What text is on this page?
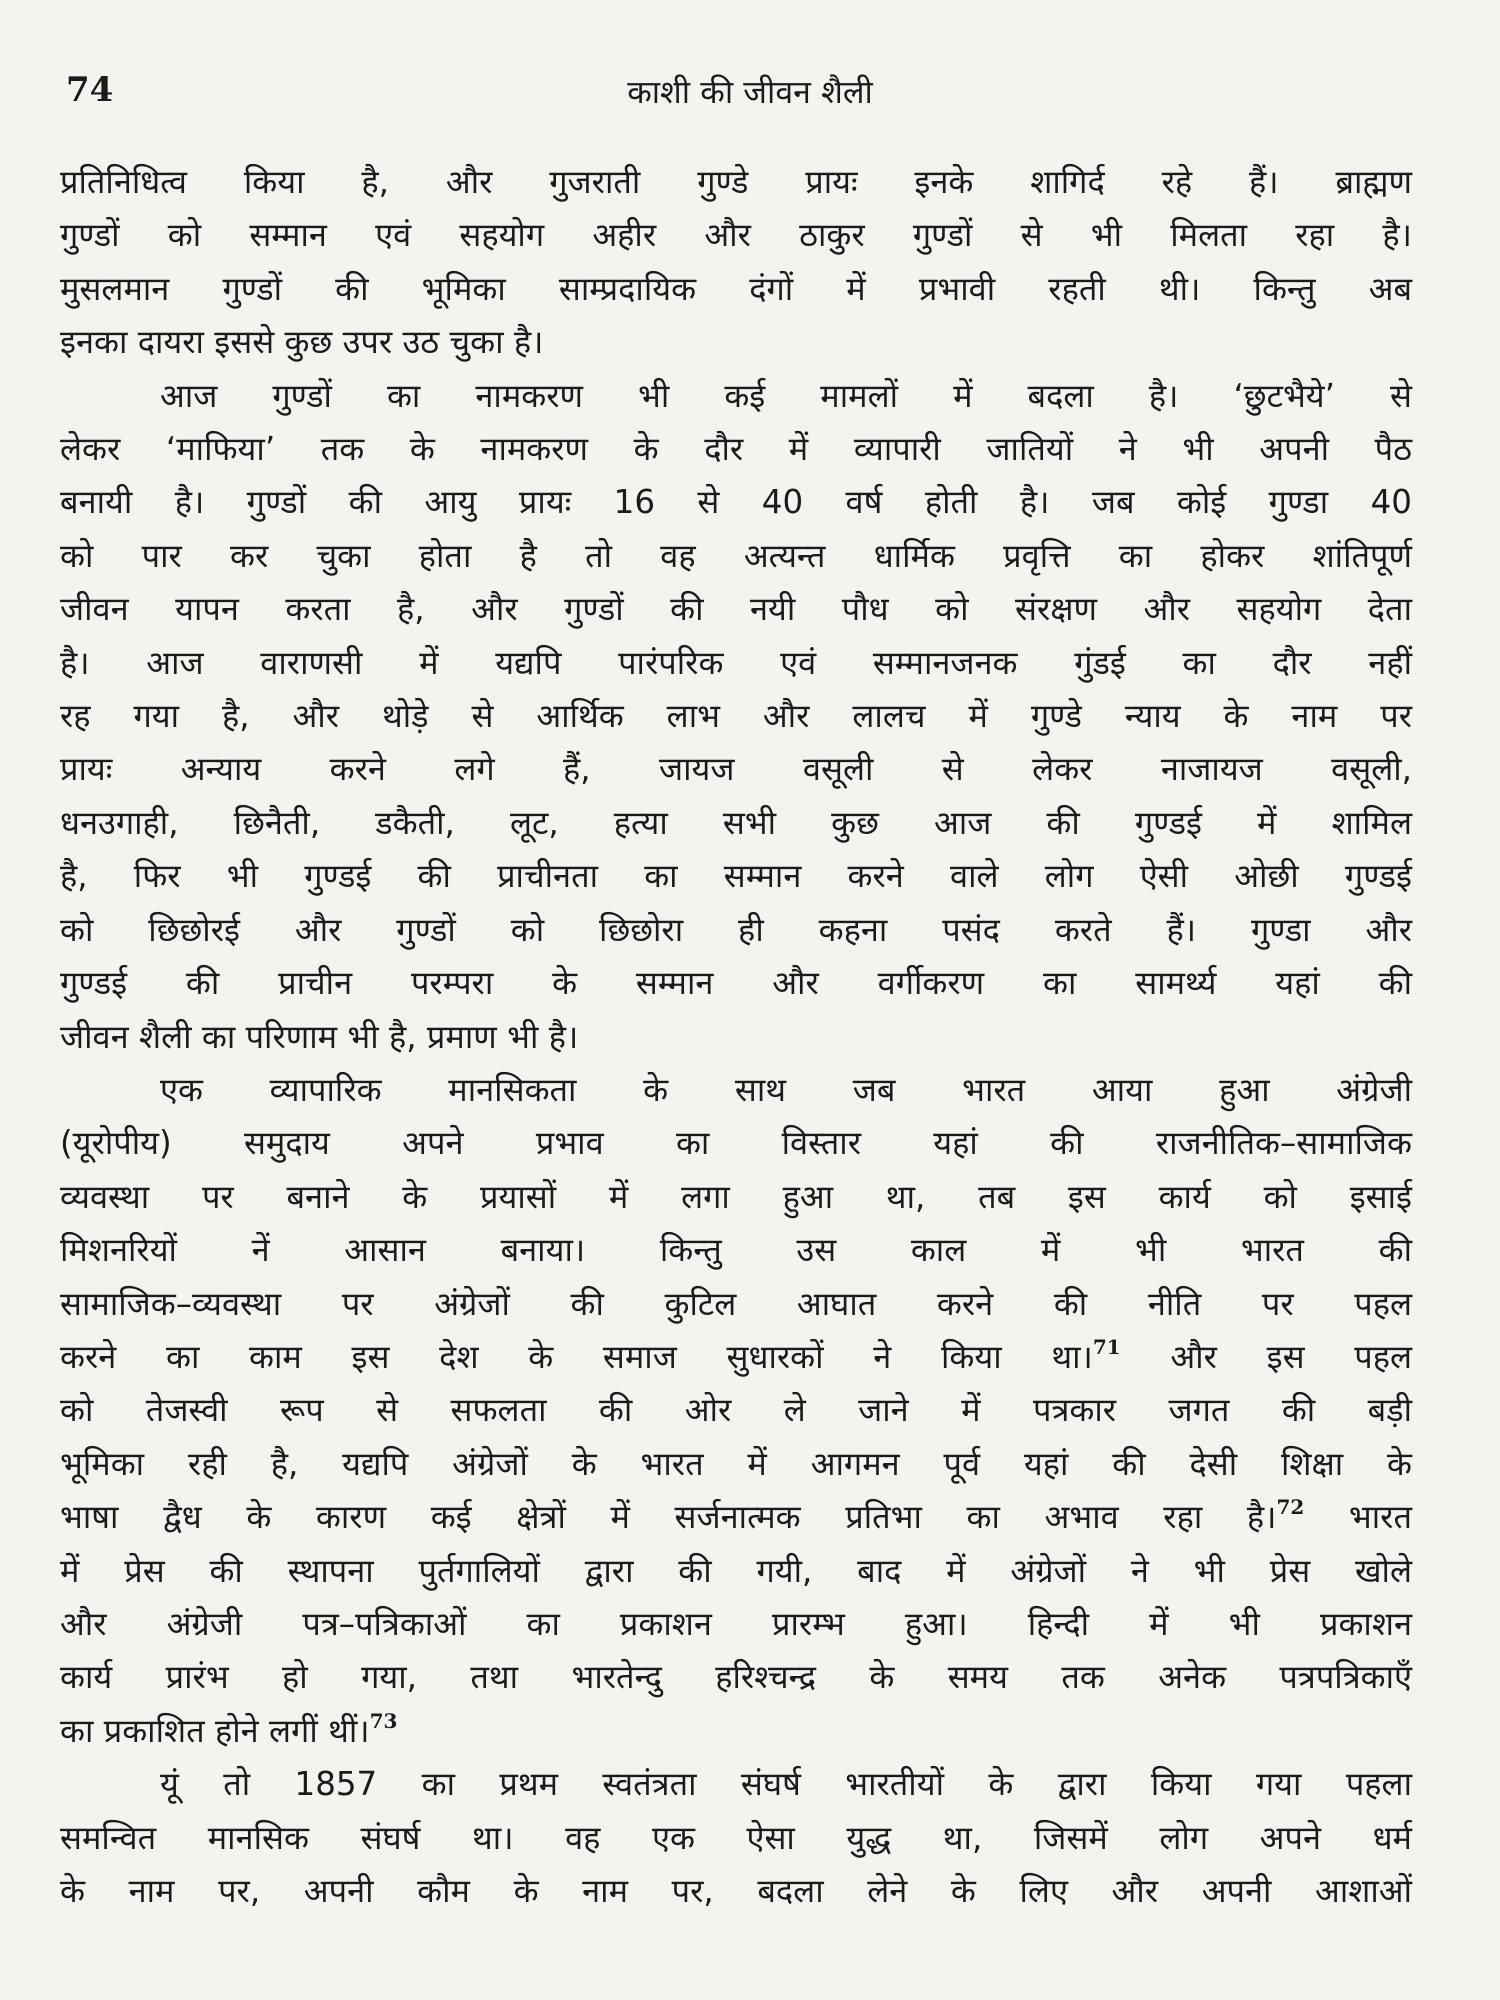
74	काशी की जीवन शैली
प्रतिनिधित्व किया है, और गुजराती गुण्डे प्रायः इनके शागिर्द रहे हैं। ब्राह्मण
गुण्डों को सम्मान एवं सहयोग अहीर और ठाकुर गुण्डों से भी मिलता रहा है।
मुसलमान गुण्डों की भूमिका साम्प्रदायिक दंगों में प्रभावी रहती थी। किन्तु अब
इनका दायरा इससे कुछ उपर उठ चुका है।
आज गुण्डों का नामकरण भी कई मामलों में बदला है। ‘छुटभैये’ से
लेकर ‘माफिया’ तक के नामकरण के दौर में व्यापारी जातियों ने भी अपनी पैठ
बनायी है। गुण्डों की आयु प्रायः 16 से 40 वर्ष होती है। जब कोई गुण्डा 40
को पार कर चुका होता है तो वह अत्यन्त धार्मिक प्रवृत्ति का होकर शांतिपूर्ण
जीवन यापन करता है, और गुण्डों की नयी पौध को संरक्षण और सहयोग देता
है। आज वाराणसी में यद्यपि पारंपरिक एवं सम्मानजनक गुंडई का दौर नहीं
रह गया है, और थोड़े से आर्थिक लाभ और लालच में गुण्डे न्याय के नाम पर
प्रायः अन्याय करने लगे हैं, जायज वसूली से लेकर नाजायज वसूली,
धनउगाही, छिनैती, डकैती, लूट, हत्या सभी कुछ आज की गुण्डई में शामिल
है, फिर भी गुण्डई की प्राचीनता का सम्मान करने वाले लोग ऐसी ओछी गुण्डई
को छिछोरई और गुण्डों को छिछोरा ही कहना पसंद करते हैं। गुण्डा और
गुण्डई की प्राचीन परम्परा के सम्मान और वर्गीकरण का सामर्थ्य यहां की
जीवन शैली का परिणाम भी है, प्रमाण भी है।
एक व्यापारिक मानसिकता के साथ जब भारत आया हुआ अंग्रेजी
(यूरोपीय) समुदाय अपने प्रभाव का विस्तार यहां की राजनीतिक–सामाजिक
व्यवस्था पर बनाने के प्रयासों में लगा हुआ था, तब इस कार्य को इसाई
मिशनरियों नें आसान बनाया। किन्तु उस काल में भी भारत की
सामाजिक–व्यवस्था पर अंग्रेजों की कुटिल आघात करने की नीति पर पहल
करने का काम इस देश के समाज सुधारकों ने किया था।$^{71}$ और इस पहल
को तेजस्वी रूप से सफलता की ओर ले जाने में पत्रकार जगत की बड़ी
भूमिका रही है, यद्यपि अंग्रेजों के भारत में आगमन पूर्व यहां की देसी शिक्षा के
भाषा द्वैध के कारण कई क्षेत्रों में सर्जनात्मक प्रतिभा का अभाव रहा है।$^{72}$ भारत
में प्रेस की स्थापना पुर्तगालियों द्वारा की गयी, बाद में अंग्रेजों ने भी प्रेस खोले
और अंग्रेजी पत्र–पत्रिकाओं का प्रकाशन प्रारम्भ हुआ। हिन्दी में भी प्रकाशन
कार्य प्रारंभ हो गया, तथा भारतेन्दु हरिश्चन्द्र के समय तक अनेक पत्रपत्रिकाएँ
का प्रकाशित होने लगीं थीं।$^{73}$
यूं तो 1857 का प्रथम स्वतंत्रता संघर्ष भारतीयों के द्वारा किया गया पहला
समन्वित मानसिक संघर्ष था। वह एक ऐसा युद्ध था, जिसमें लोग अपने धर्म
के नाम पर, अपनी कौम के नाम पर, बदला लेने के लिए और अपनी आशाओं
